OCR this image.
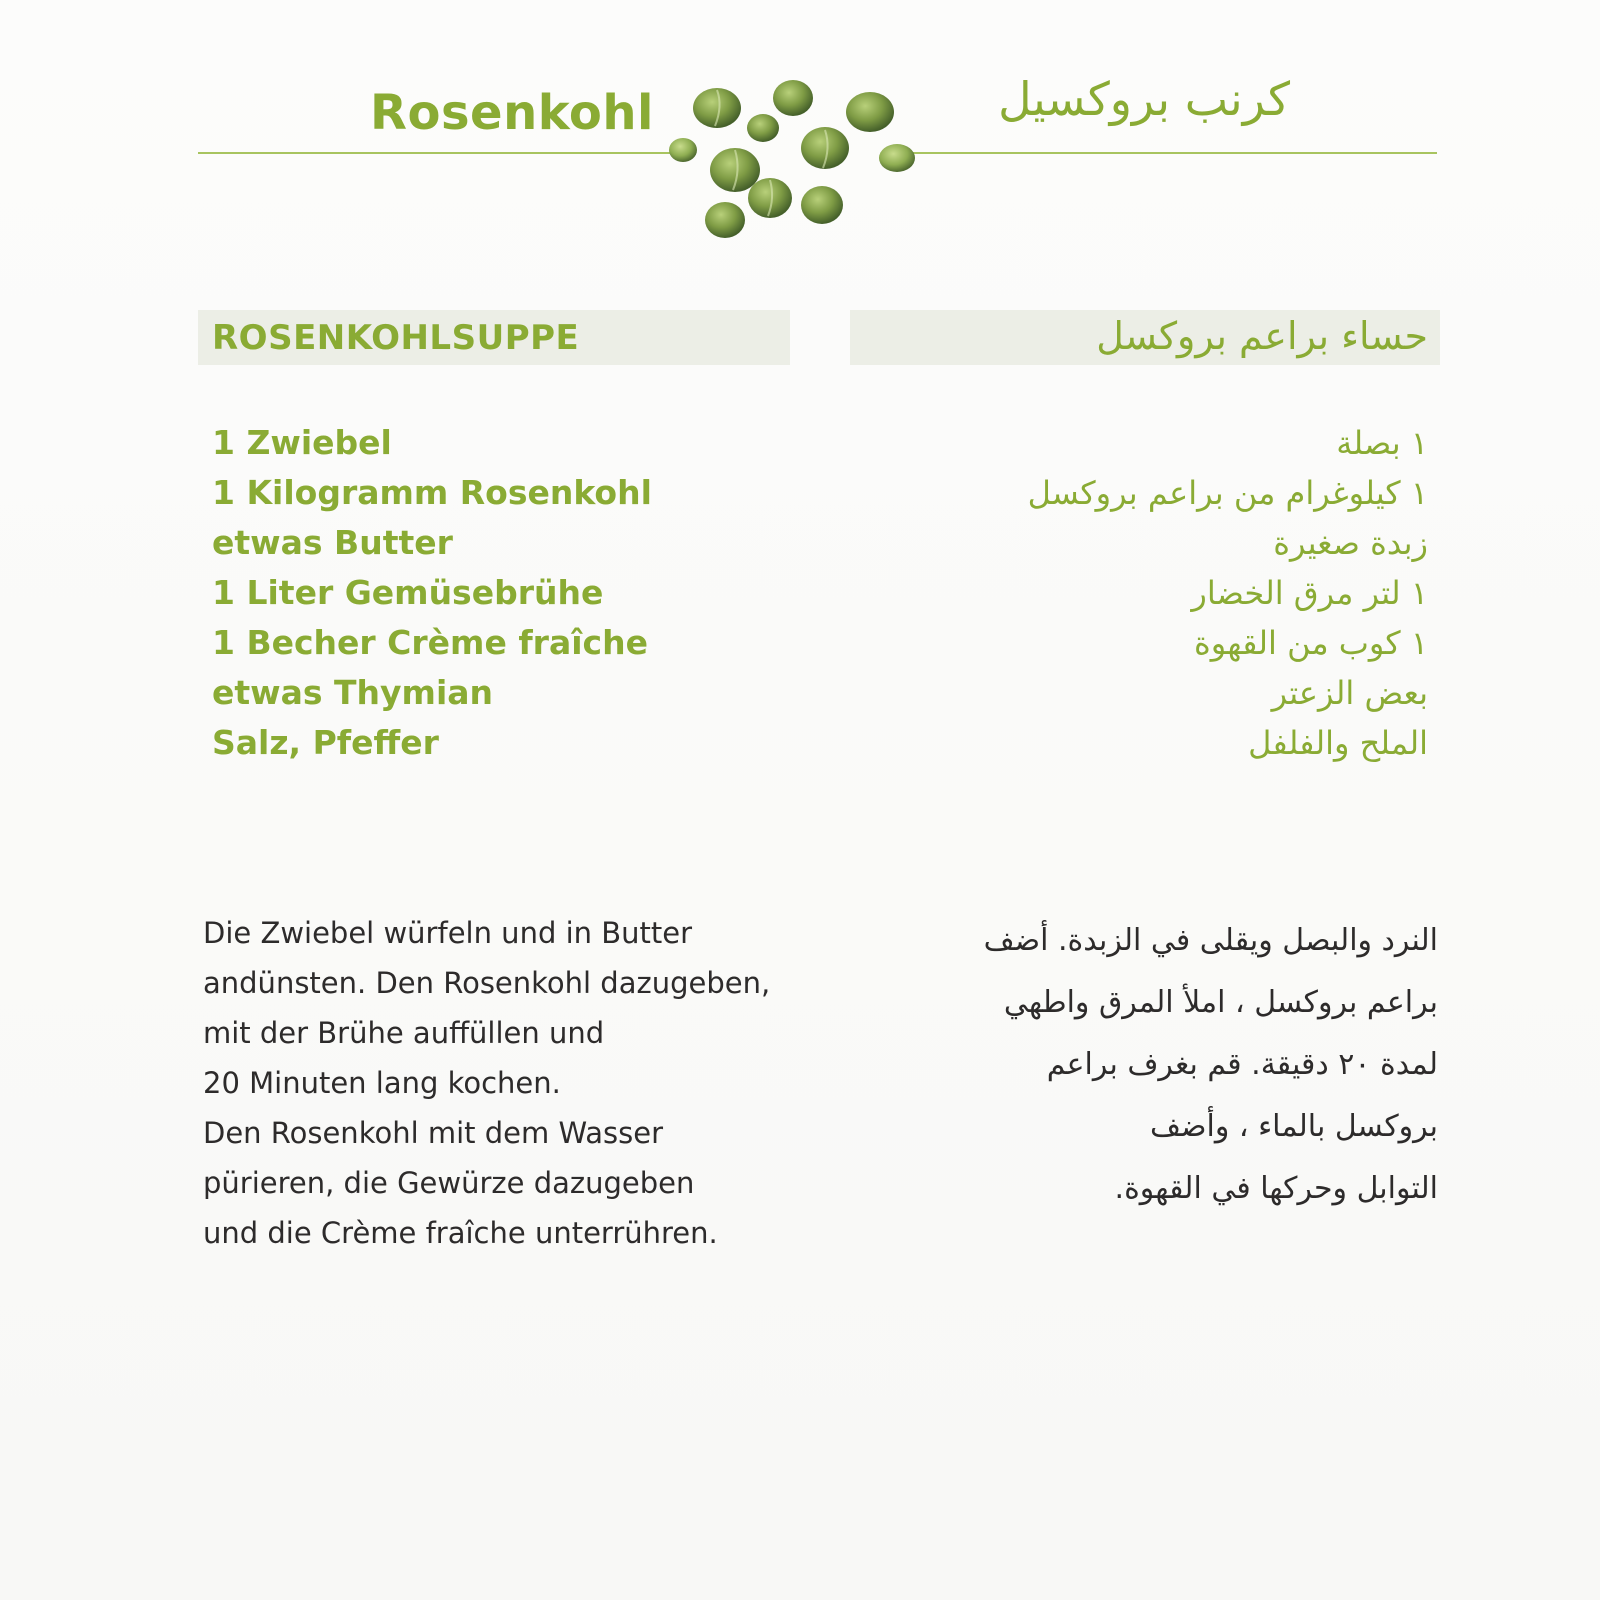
Rosenkohl	كرنب بروكسيل
ROSENKOHLSUPPE	حساء براعم بروكسل
1 Zwiebel
1 Kilogramm Rosenkohl
etwas Butter
1 Liter Gemüsebrühe
1 Becher Crème fraîche
etwas Thymian
Salz, Pfeffer
١ بصلة
١ كيلوغرام من براعم بروكسل
زبدة صغيرة
١ لتر مرق الخضار
١ كوب من القهوة
بعض الزعتر
الملح والفلفل
Die Zwiebel würfeln und in Butter
andünsten. Den Rosenkohl dazugeben,
mit der Brühe auffüllen und
20 Minuten lang kochen.
Den Rosenkohl mit dem Wasser
pürieren, die Gewürze dazugeben
und die Crème fraîche unterrühren.
النرد والبصل ويقلى في الزبدة. أضف
براعم بروكسل ، املأ المرق واطهي
لمدة ٢٠ دقيقة. قم بغرف براعم
بروكسل بالماء ، وأضف
التوابل وحركها في القهوة.
